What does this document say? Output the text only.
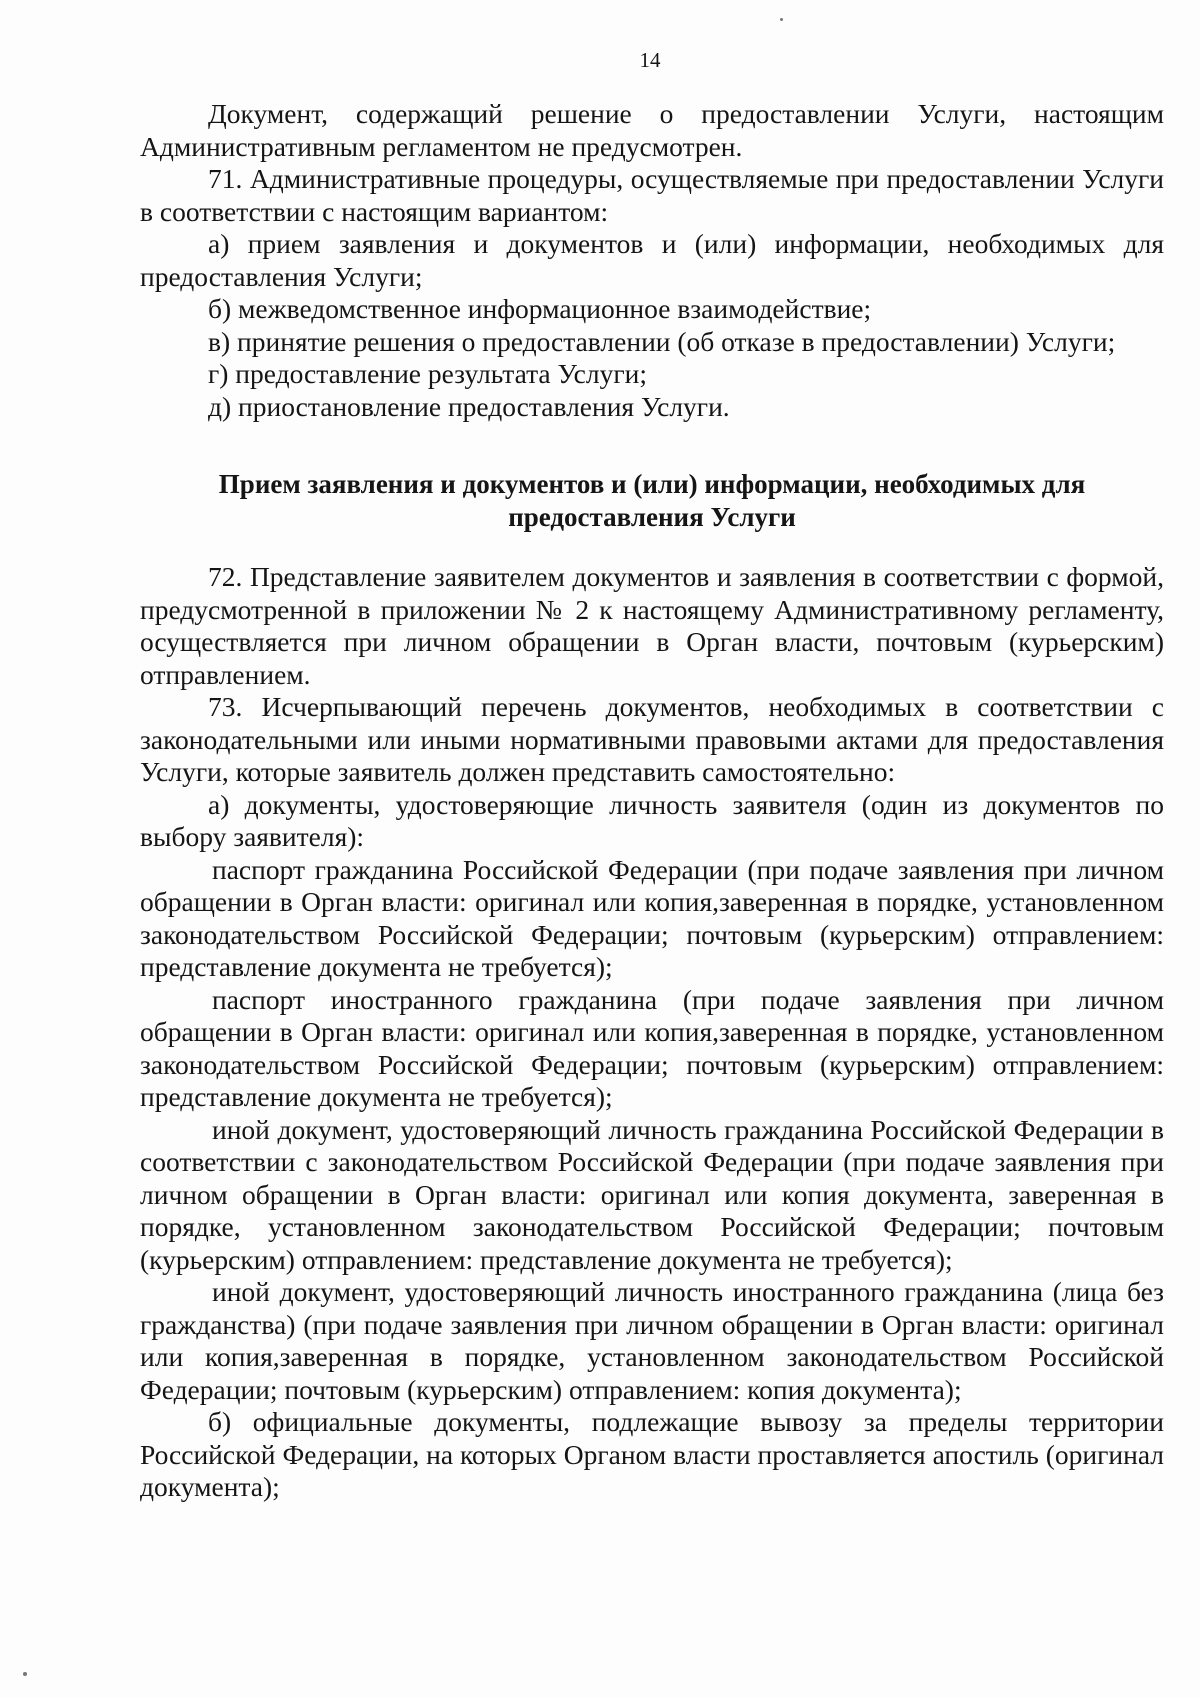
14

Документ, содержащий решение о предоставлении Услуги, настоящим Административным регламентом не предусмотрен.

71. Административные процедуры, осуществляемые при предоставлении Услуги в соответствии с настоящим вариантом:

а) прием заявления и документов и (или) информации, необходимых для предоставления Услуги;

б) межведомственное информационное взаимодействие;

в) принятие решения о предоставлении (об отказе в предоставлении) Услуги;

г) предоставление результата Услуги;

д) приостановление предоставления Услуги.

Прием заявления и документов и (или) информации, необходимых для
предоставления Услуги

72. Представление заявителем документов и заявления в соответствии с формой, предусмотренной в приложении № 2 к настоящему Административному регламенту, осуществляется при личном обращении в Орган власти, почтовым (курьерским) отправлением.

73. Исчерпывающий перечень документов, необходимых в соответствии с законодательными или иными нормативными правовыми актами для предоставления Услуги, которые заявитель должен представить самостоятельно:

а) документы, удостоверяющие личность заявителя (один из документов по выбору заявителя):

паспорт гражданина Российской Федерации (при подаче заявления при личном обращении в Орган власти: оригинал или копия,заверенная в порядке, установленном законодательством Российской Федерации; почтовым (курьерским) отправлением: представление документа не требуется);

паспорт иностранного гражданина (при подаче заявления при личном обращении в Орган власти: оригинал или копия,заверенная в порядке, установленном законодательством Российской Федерации; почтовым (курьерским) отправлением: представление документа не требуется);

иной документ, удостоверяющий личность гражданина Российской Федерации в соответствии с законодательством Российской Федерации (при подаче заявления при личном обращении в Орган власти: оригинал или копия документа, заверенная в порядке, установленном законодательством Российской Федерации; почтовым (курьерским) отправлением: представление документа не требуется);

иной документ, удостоверяющий личность иностранного гражданина (лица без гражданства) (при подаче заявления при личном обращении в Орган власти: оригинал или копия,заверенная в порядке, установленном законодательством Российской Федерации; почтовым (курьерским) отправлением: копия документа);

б) официальные документы, подлежащие вывозу за пределы территории Российской Федерации, на которых Органом власти проставляется апостиль (оригинал документа);
